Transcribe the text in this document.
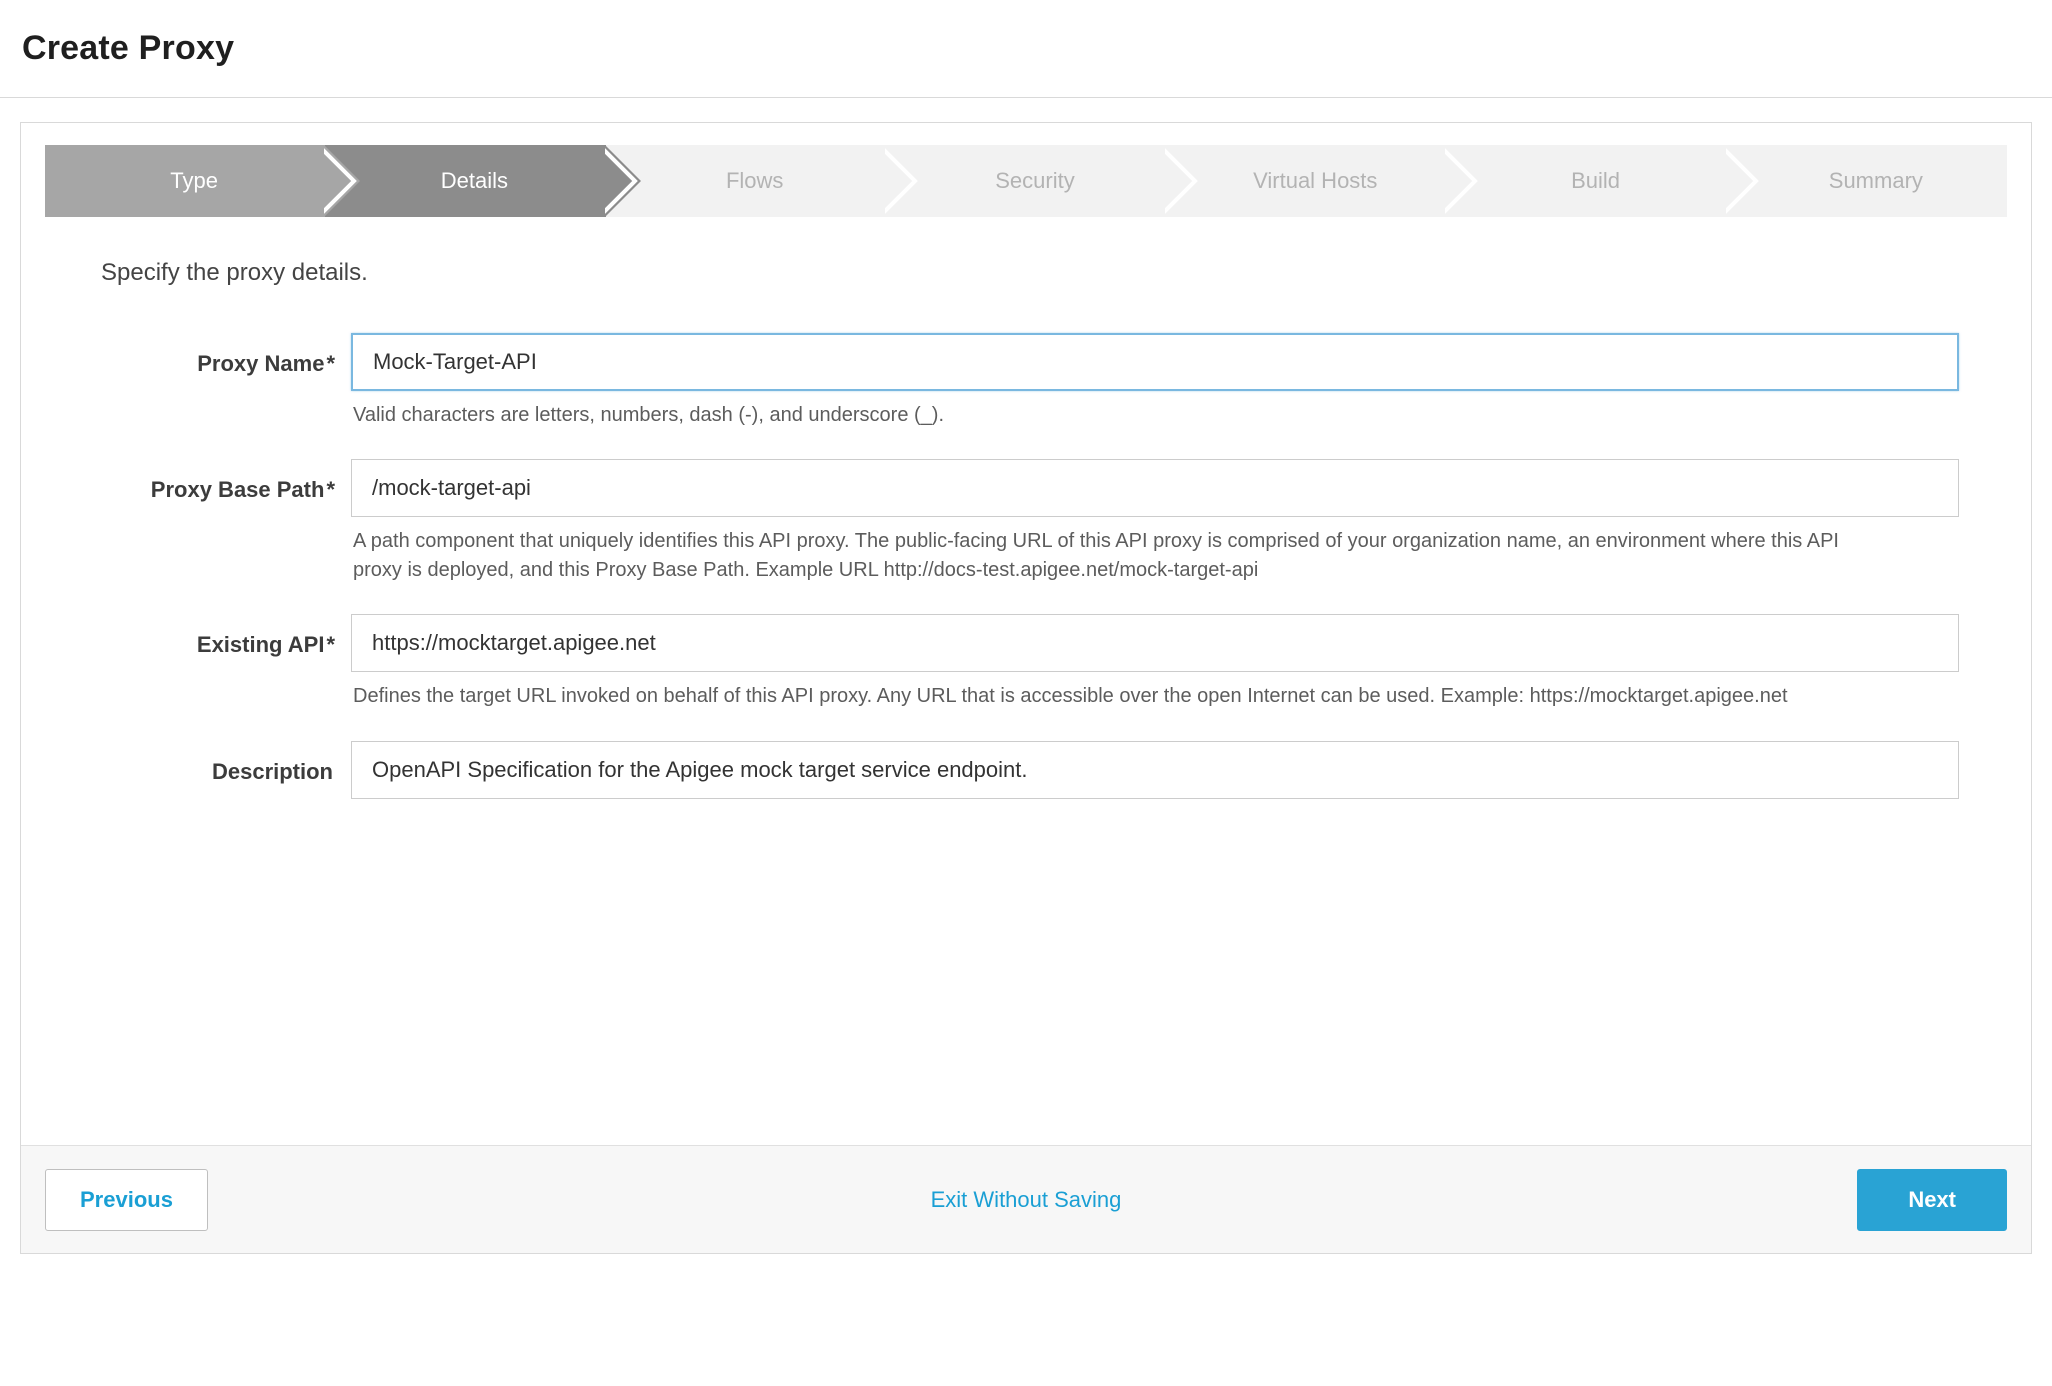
Create Proxy
Type	Details	Flows	Security	Virtual Hosts	Build	Summary
Specify the proxy details.
Proxy Name*
Mock-Target-API
Valid characters are letters, numbers, dash (-), and underscore (_).
Proxy Base Path*
/mock-target-api
A path component that uniquely identifies this API proxy. The public-facing URL of this API proxy is comprised of your organization name, an environment where this API proxy is deployed, and this Proxy Base Path. Example URL http://docs-test.apigee.net/mock-target-api
Existing API*
https://mocktarget.apigee.net
Defines the target URL invoked on behalf of this API proxy. Any URL that is accessible over the open Internet can be used. Example: https://mocktarget.apigee.net
Description
OpenAPI Specification for the Apigee mock target service endpoint.
Previous	Exit Without Saving	Next
